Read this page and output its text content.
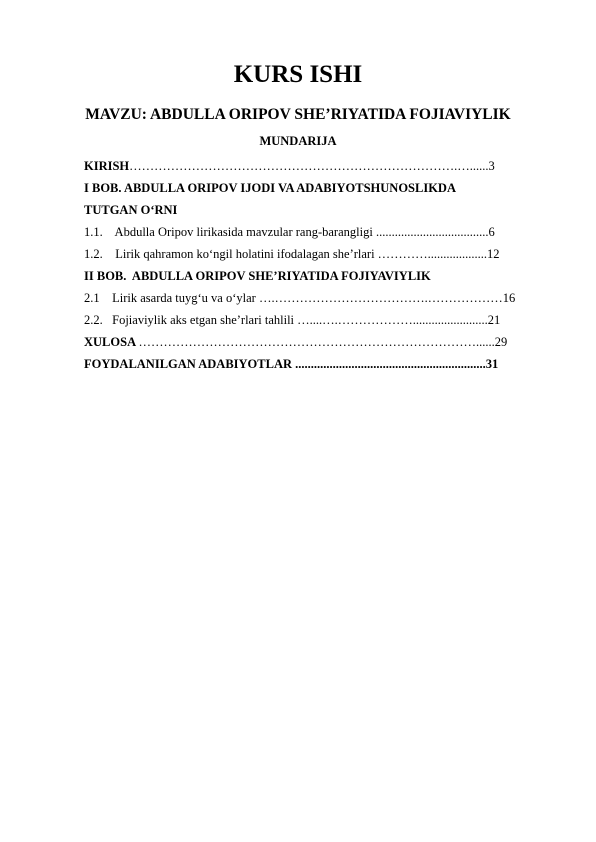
KURS ISHI
MAVZU: ABDULLA ORIPOV SHE’RIYATIDA FOJIAVIYLIK
MUNDARIJA
KIRISH…………………………………………………………………….…......3
I BOB. ABDULLA ORIPOV IJODI VA ADABIYOTSHUNOSLIKDA
TUTGAN O‘RNI
1.1.    Abdulla Oripov lirikasida mavzular rang-barangligi ....................................6
1.2.    Lirik qahramon ko‘ngil holatini ifodalagan she’rlari …………...................12
II BOB.  ABDULLA ORIPOV SHE’RIYATIDA FOJIYAVIYLIK
2.1    Lirik asarda tuyg‘u va o‘ylar ….……………………………….………………16
2.2.   Fojiaviylik aks etgan she’rlari tahlili …....….………………........................21
XULOSA ………………………………………………………………………......29
FOYDALANILGAN ADABIYOTLAR .............................................................31
